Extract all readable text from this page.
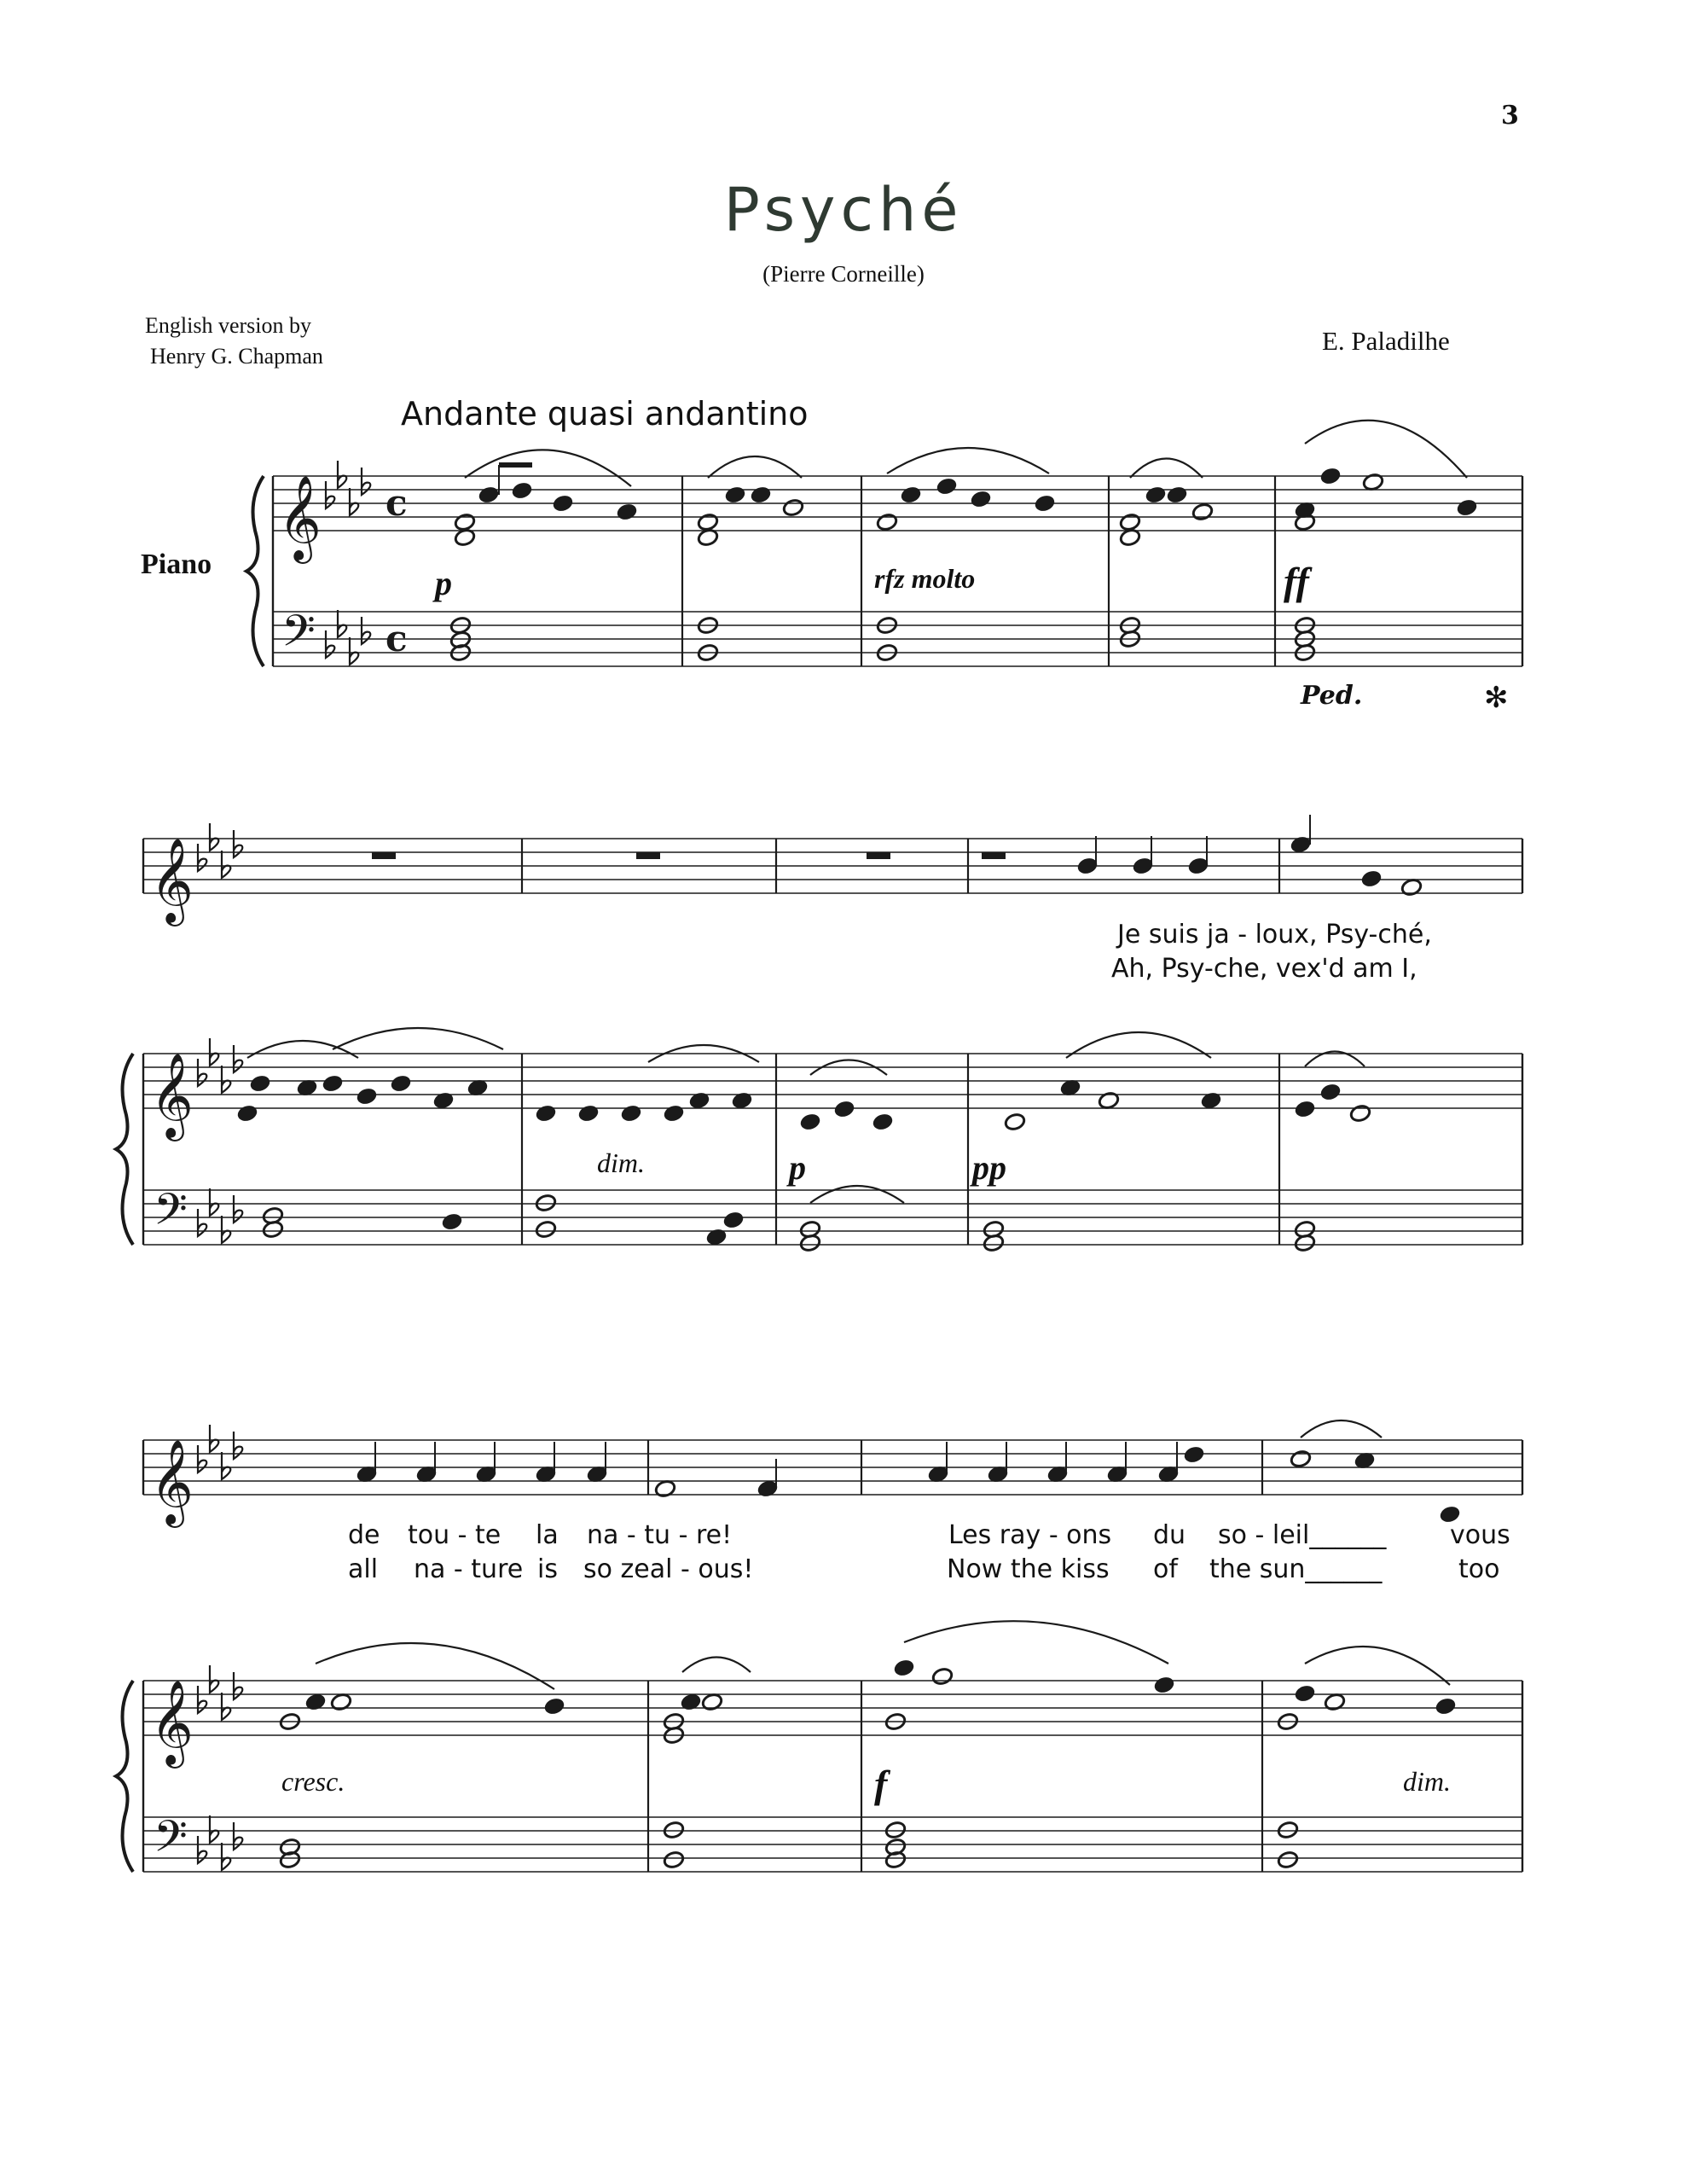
3
Psyché
(Pierre Corneille)
English version by
Henry G. Chapman
E. Paladilhe
Andante quasi andantino
Piano	p	rfz molto	ff
Ped.	✻
Je suis ja - loux, Psy-ché,
Ah, Psy-che, vex'd am I,
dim.	p	pp
de tou - te la na - tu - re!	Les ray - ons du so - leil______ vous
all na - ture is so zeal - ous!	Now the kiss of the sun______	too
cresc.	f	dim.
𝄞
𝄢
c
c
𝄞
𝄞
𝄢
𝄞
𝄞
𝄢
